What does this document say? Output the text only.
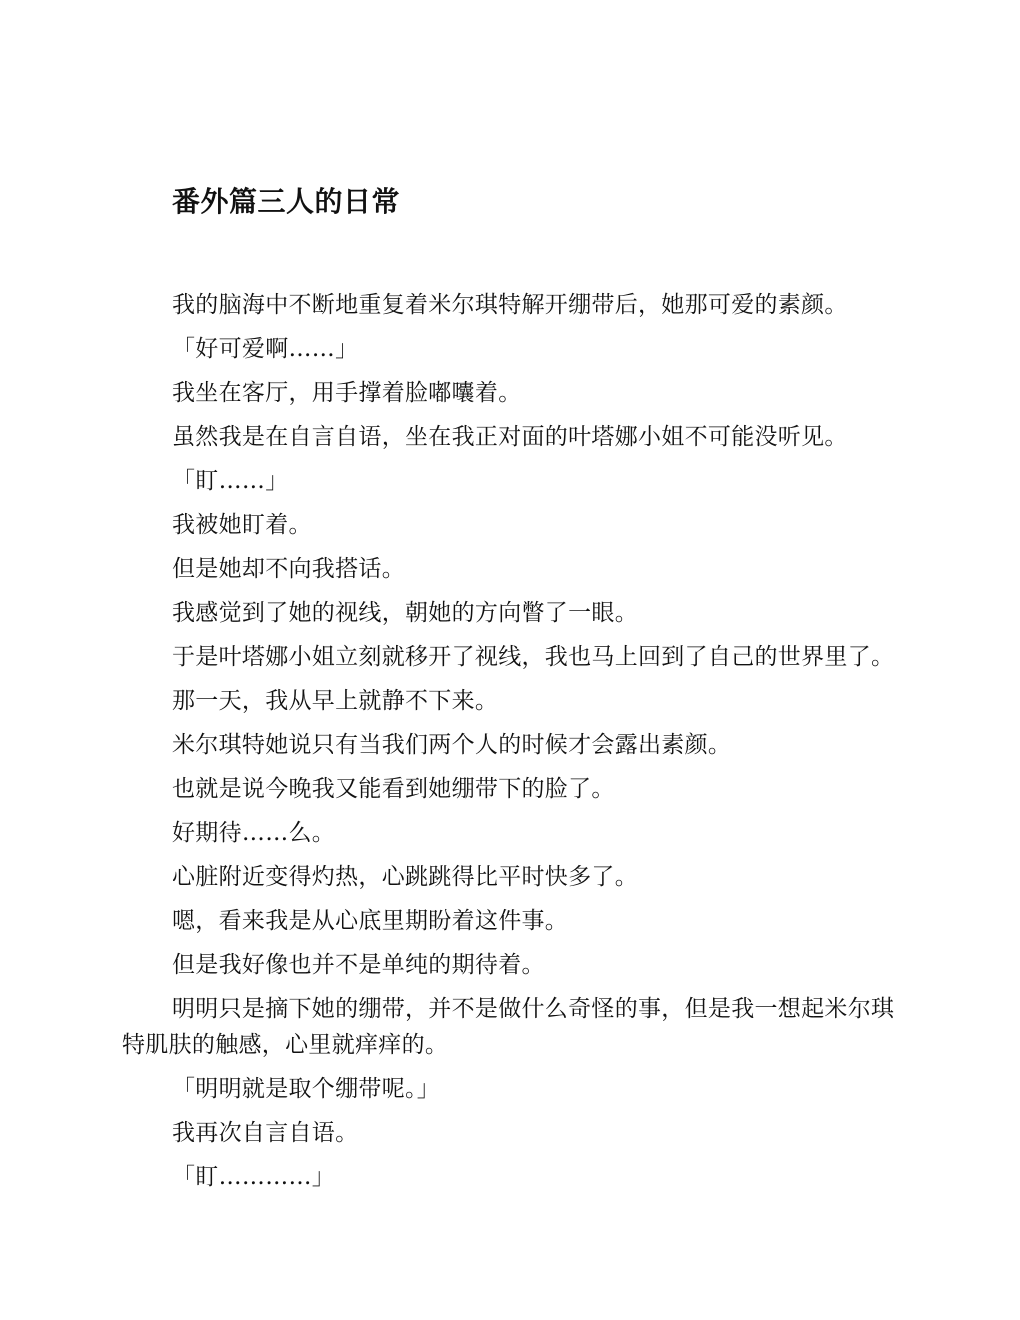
番外篇三人的日常

我的脑海中不断地重复着米尔琪特解开绷带后，她那可爱的素颜。

「好可爱啊……」

我坐在客厅，用手撑着脸嘟囔着。

虽然我是在自言自语，坐在我正对面的叶塔娜小姐不可能没听见。

「盯……」

我被她盯着。

但是她却不向我搭话。

我感觉到了她的视线，朝她的方向瞥了一眼。

于是叶塔娜小姐立刻就移开了视线，我也马上回到了自己的世界里了。

那一天，我从早上就静不下来。

米尔琪特她说只有当我们两个人的时候才会露出素颜。

也就是说今晚我又能看到她绷带下的脸了。

好期待……么。

心脏附近变得灼热，心跳跳得比平时快多了。

嗯，看来我是从心底里期盼着这件事。

但是我好像也并不是单纯的期待着。

明明只是摘下她的绷带，并不是做什么奇怪的事，但是我一想起米尔琪特肌肤的触感，心里就痒痒的。

「明明就是取个绷带呢。」

我再次自言自语。

「盯…………」
